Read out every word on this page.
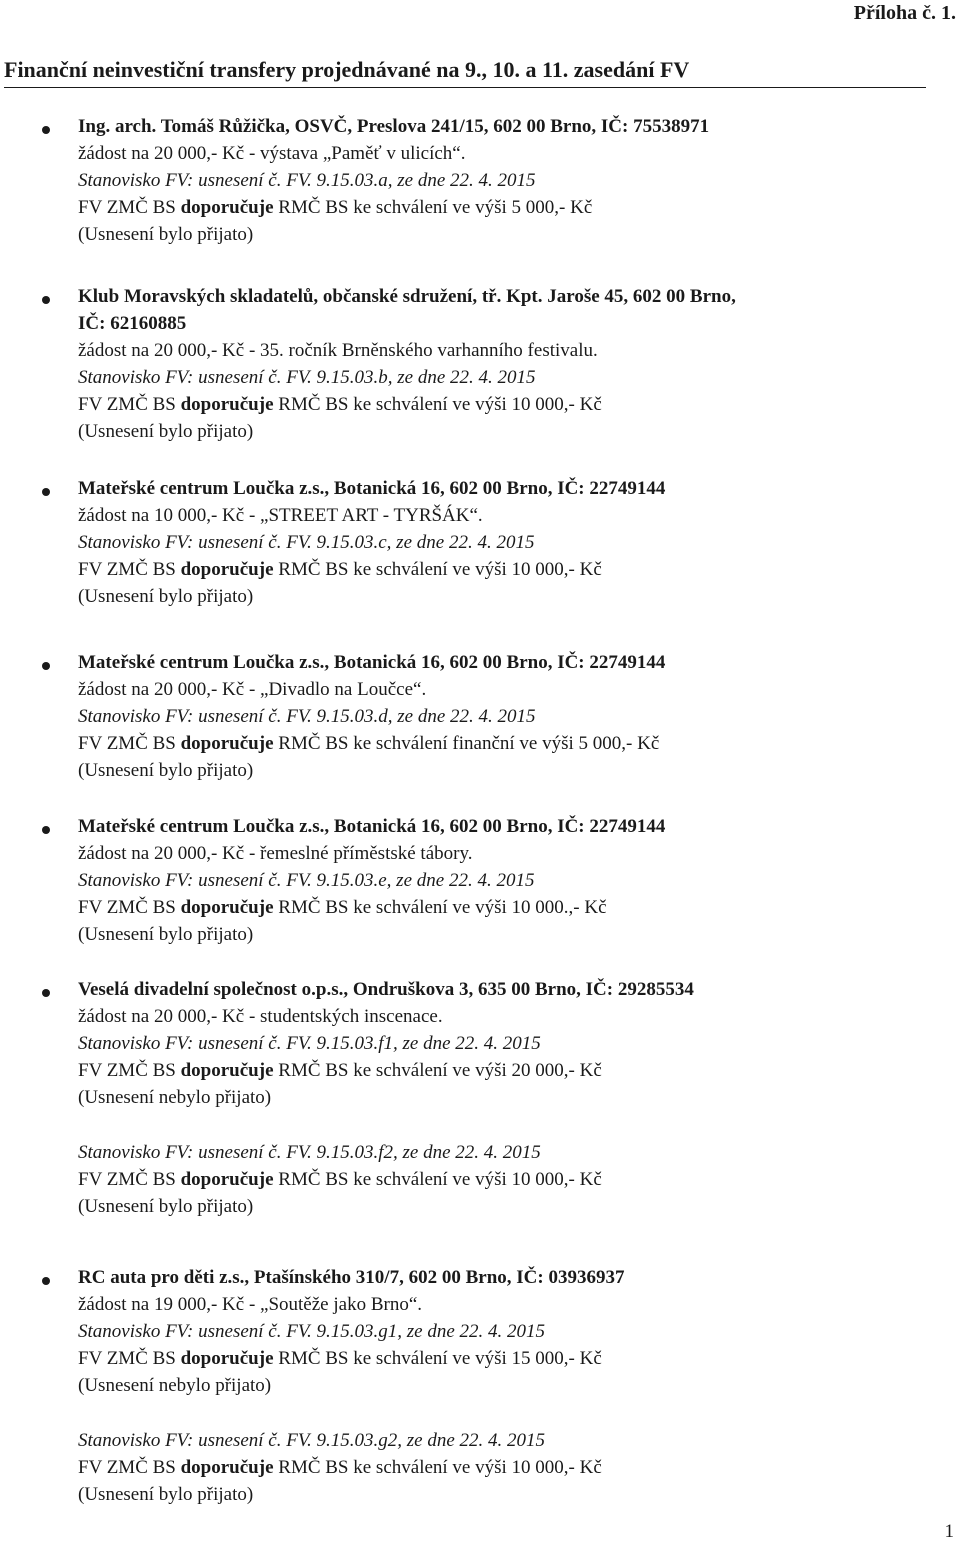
Příloha č. 1.
Finanční neinvestiční transfery projednávané na 9., 10. a 11. zasedání FV
Ing. arch. Tomáš Růžička, OSVČ, Preslova 241/15, 602 00 Brno, IČ: 75538971
žádost na 20 000,- Kč - výstava „Paměť v ulicích“.
Stanovisko FV: usnesení č. FV. 9.15.03.a, ze dne 22. 4. 2015
FV ZMČ BS doporučuje RMČ BS ke schválení ve výši 5 000,- Kč
(Usnesení bylo přijato)
Klub Moravských skladatelů, občanské sdružení, tř. Kpt. Jaroše 45, 602 00 Brno,
IČ: 62160885
žádost na 20 000,- Kč - 35. ročník Brněnského varhanního festivalu.
Stanovisko FV: usnesení č. FV. 9.15.03.b, ze dne 22. 4. 2015
FV ZMČ BS doporučuje RMČ BS ke schválení ve výši 10 000,- Kč
(Usnesení bylo přijato)
Mateřské centrum Loučka z.s., Botanická 16, 602 00 Brno, IČ: 22749144
žádost na 10 000,- Kč - „STREET ART - TYRŠÁK“.
Stanovisko FV: usnesení č. FV. 9.15.03.c, ze dne 22. 4. 2015
FV ZMČ BS doporučuje RMČ BS ke schválení ve výši 10 000,- Kč
(Usnesení bylo přijato)
Mateřské centrum Loučka z.s., Botanická 16, 602 00 Brno, IČ: 22749144
žádost na 20 000,- Kč - „Divadlo na Loučce“.
Stanovisko FV: usnesení č. FV. 9.15.03.d, ze dne 22. 4. 2015
FV ZMČ BS doporučuje RMČ BS ke schválení finanční ve výši 5 000,- Kč
(Usnesení bylo přijato)
Mateřské centrum Loučka z.s., Botanická 16, 602 00 Brno, IČ: 22749144
žádost na 20 000,- Kč - řemeslné příměstské tábory.
Stanovisko FV: usnesení č. FV. 9.15.03.e, ze dne 22. 4. 2015
FV ZMČ BS doporučuje RMČ BS ke schválení ve výši 10 000.,- Kč
(Usnesení bylo přijato)
Veselá divadelní společnost o.p.s., Ondruškova 3, 635 00 Brno, IČ: 29285534
žádost na 20 000,- Kč - studentských inscenace.
Stanovisko FV: usnesení č. FV. 9.15.03.f1, ze dne 22. 4. 2015
FV ZMČ BS doporučuje RMČ BS ke schválení ve výši 20 000,- Kč
(Usnesení nebylo přijato)
Stanovisko FV: usnesení č. FV. 9.15.03.f2, ze dne 22. 4. 2015
FV ZMČ BS doporučuje RMČ BS ke schválení ve výši 10 000,- Kč
(Usnesení bylo přijato)
RC auta pro děti z.s., Ptašínského 310/7, 602 00 Brno, IČ: 03936937
žádost na 19 000,- Kč - „Soutěže jako Brno“.
Stanovisko FV: usnesení č. FV. 9.15.03.g1, ze dne 22. 4. 2015
FV ZMČ BS doporučuje RMČ BS ke schválení ve výši 15 000,- Kč
(Usnesení nebylo přijato)
Stanovisko FV: usnesení č. FV. 9.15.03.g2, ze dne 22. 4. 2015
FV ZMČ BS doporučuje RMČ BS ke schválení ve výši 10 000,- Kč
(Usnesení bylo přijato)
1
